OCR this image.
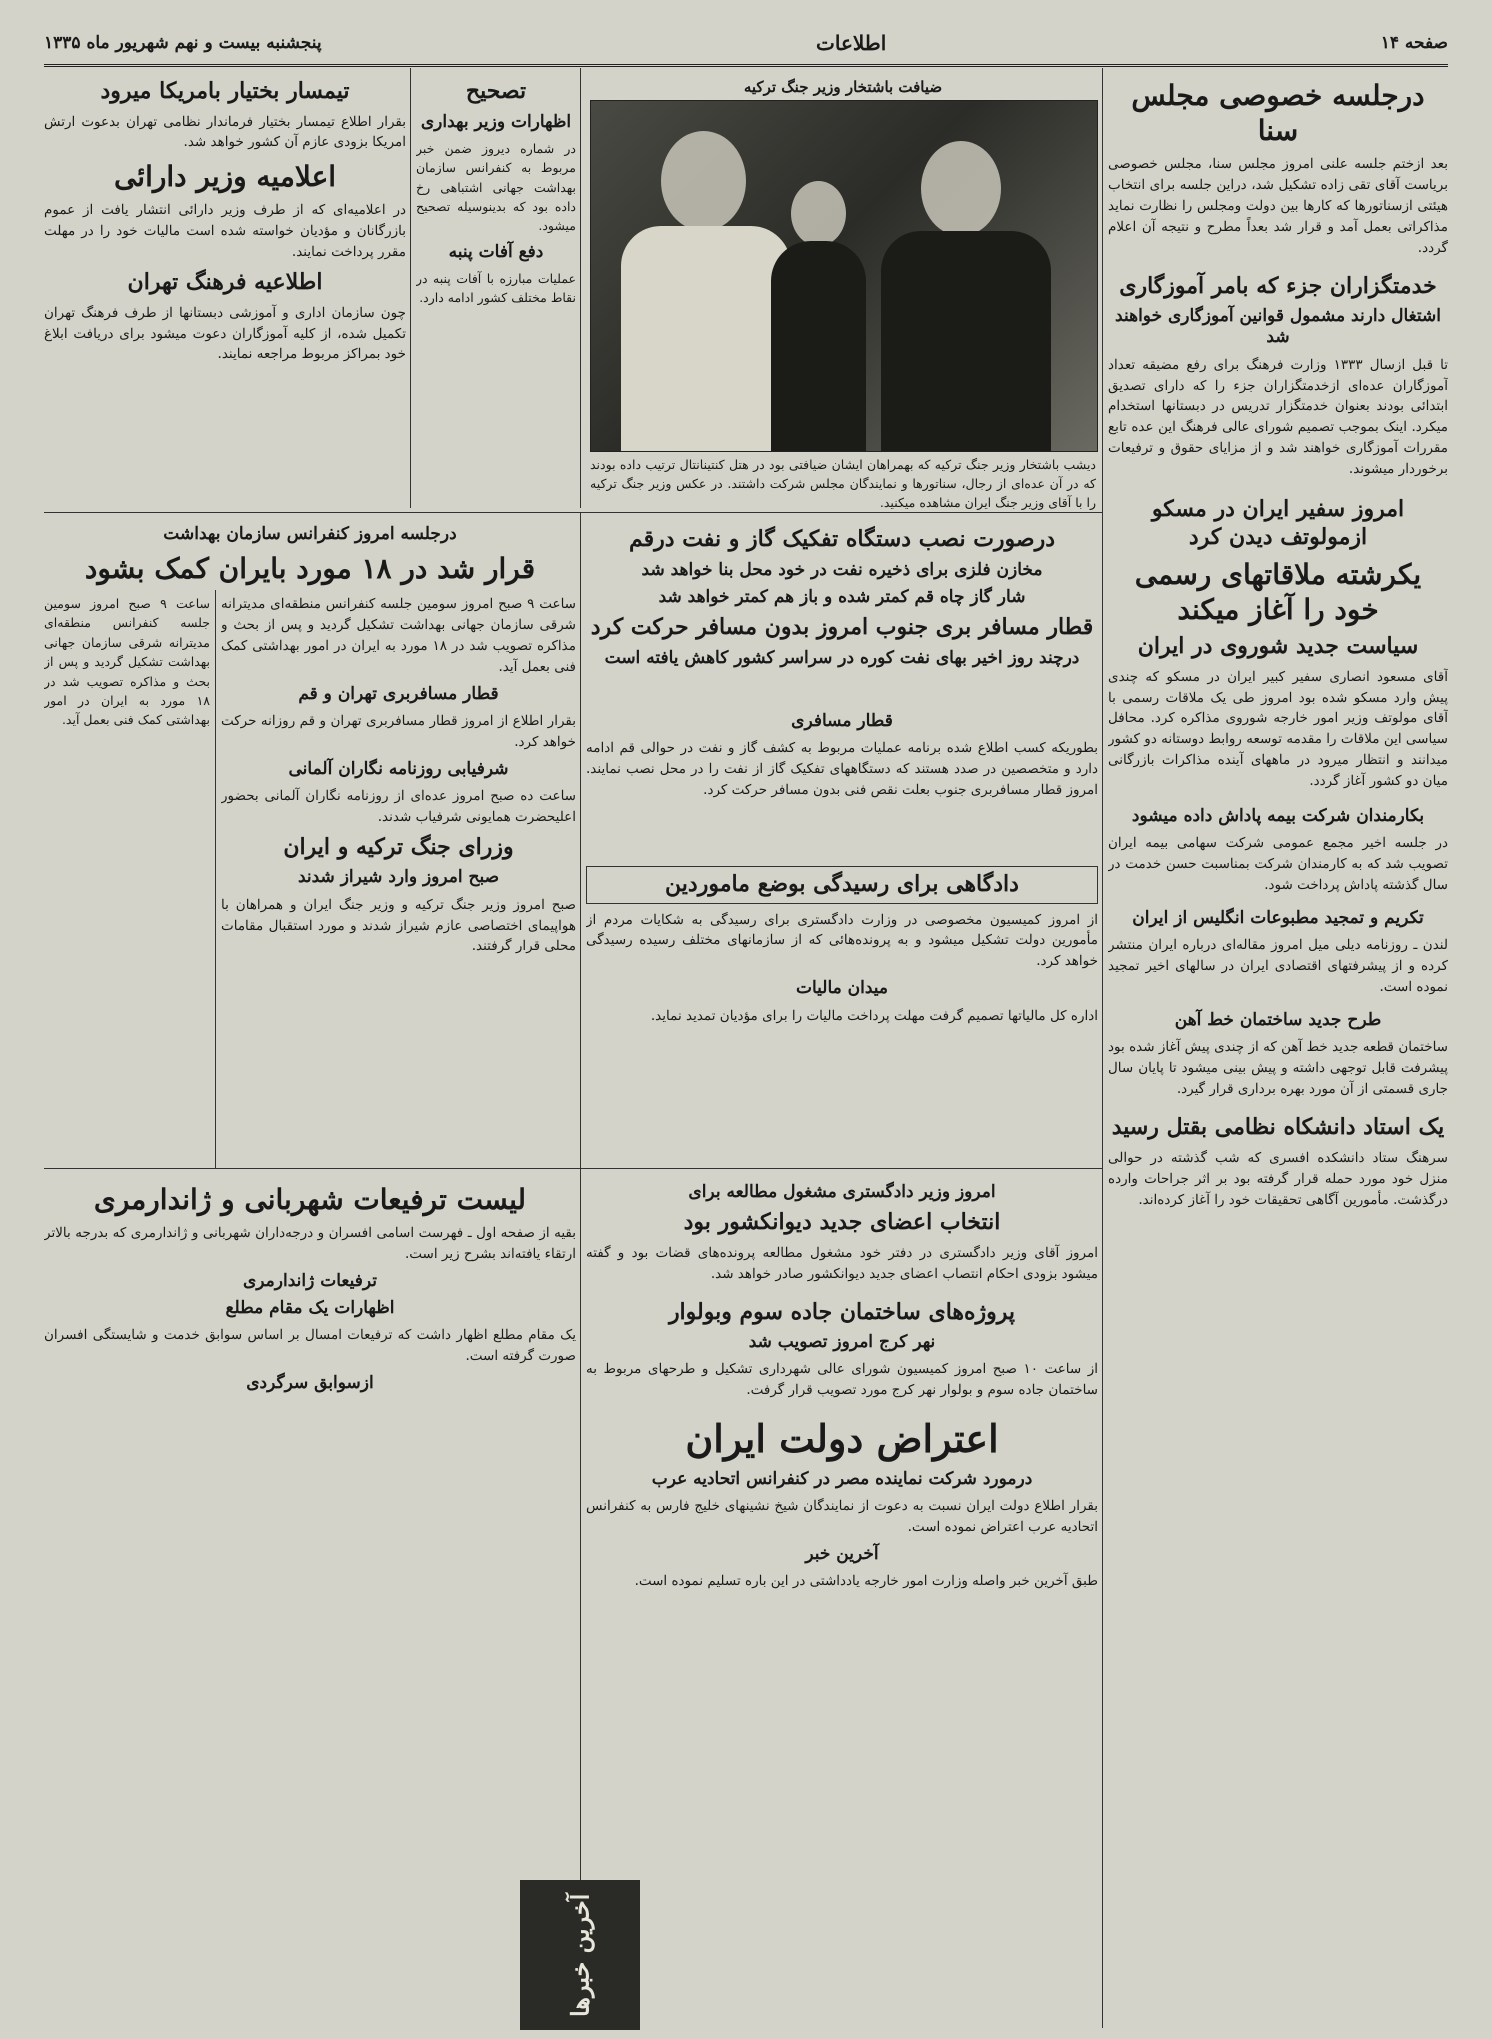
صفحه ۱۴
اطلاعات
پنجشنبه بیست و نهم شهریور ماه ۱۳۳۵
درجلسه خصوصی مجلس سنا

بعد ازختم جلسه علنی امروز مجلس سنا، مجلس خصوصی بریاست آقای تقی زاده تشکیل شد، دراین جلسه برای انتخاب هیئتی ازسناتورها که کارها بین دولت ومجلس را نظارت نماید مذاکراتی بعمل آمد و قرار شد بعداً مطرح و نتیجه آن اعلام گردد.

خدمتگزاران جزء که بامر آموزگاری
اشتغال دارند مشمول قوانین آموزگاری خواهند شد

تا قبل ازسال ۱۳۳۳ وزارت فرهنگ برای رفع مضیقه تعداد آموزگاران عده‌ای ازخدمتگزاران جزء را که دارای تصدیق ابتدائی بودند بعنوان خدمتگزار تدریس در دبستانها استخدام میکرد. اینک بموجب تصمیم شورای عالی فرهنگ این عده تابع مقررات آموزگاری خواهند شد و از مزایای حقوق و ترفیعات برخوردار میشوند.

امروز سفیر ایران در مسکو ازمولوتف دیدن کرد
یکرشته ملاقاتهای رسمی خود را آغاز میکند
سیاست جدید شوروی در ایران

آقای مسعود انصاری سفیر کبیر ایران در مسکو که چندی پیش وارد مسکو شده بود امروز طی یک ملاقات رسمی با آقای مولوتف وزیر امور خارجه شوروی مذاکره کرد. محافل سیاسی این ملاقات را مقدمه توسعه روابط دوستانه دو کشور میدانند و انتظار میرود در ماههای آینده مذاکرات بازرگانی میان دو کشور آغاز گردد.

بکارمندان شرکت بیمه پاداش داده میشود

در جلسه اخیر مجمع عمومی شرکت سهامی بیمه ایران تصویب شد که به کارمندان شرکت بمناسبت حسن خدمت در سال گذشته پاداش پرداخت شود.

تکریم و تمجید مطبوعات انگلیس از ایران

لندن ـ روزنامه دیلی میل امروز مقاله‌ای درباره ایران منتشر کرده و از پیشرفتهای اقتصادی ایران در سالهای اخیر تمجید نموده است.

طرح جدید ساختمان خط آهن

ساختمان قطعه جدید خط آهن که از چندی پیش آغاز شده بود پیشرفت قابل توجهی داشته و پیش بینی میشود تا پایان سال جاری قسمتی از آن مورد بهره برداری قرار گیرد.

یک استاد دانشکاه نظامی بقتل رسید

سرهنگ ستاد دانشکده افسری که شب گذشته در حوالی منزل خود مورد حمله قرار گرفته بود بر اثر جراحات وارده درگذشت. مأمورین آگاهی تحقیقات خود را آغاز کرده‌اند.

ضیافت باشتخار وزیر جنگ ترکیه
دیشب باشتخار وزیر جنگ ترکیه که بهمراهان ایشان ضیافتی بود در هتل کنتینانتال ترتیب داده بودند که در آن عده‌ای از رجال، سناتورها و نمایندگان مجلس شرکت داشتند. در عکس وزیر جنگ ترکیه را با آقای وزیر جنگ ایران مشاهده میکنید.
درصورت نصب دستگاه تفکیک گاز و نفت درقم
مخازن فلزی برای ذخیره نفت در خود محل بنا خواهد شد
شار گاز چاه قم کمتر شده و باز هم کمتر خواهد شد
قطار مسافر بری جنوب امروز بدون مسافر حرکت کرد
درچند روز اخیر بهای نفت کوره در سراسر کشور کاهش یافته است
قطار مسافری

بطوریکه کسب اطلاع شده برنامه عملیات مربوط به کشف گاز و نفت در حوالی قم ادامه دارد و متخصصین در صدد هستند که دستگاههای تفکیک گاز از نفت را در محل نصب نمایند. امروز قطار مسافربری جنوب بعلت نقص فنی بدون مسافر حرکت کرد.

دادگاهی برای رسیدگی بوضع ماموردین

از امروز کمیسیون مخصوصی در وزارت دادگستری برای رسیدگی به شکایات مردم از مأمورین دولت تشکیل میشود و به پرونده‌هائی که از سازمانهای مختلف رسیده رسیدگی خواهد کرد.

میدان مالیات

اداره کل مالیاتها تصمیم گرفت مهلت پرداخت مالیات را برای مؤدیان تمدید نماید.

امروز وزیر دادگستری مشغول مطالعه برای
انتخاب اعضای جدید دیوانکشور بود

امروز آقای وزیر دادگستری در دفتر خود مشغول مطالعه پرونده‌های قضات بود و گفته میشود بزودی احکام انتصاب اعضای جدید دیوانکشور صادر خواهد شد.

پروژه‌های ساختمان جاده سوم وبولوار
نهر کرج امروز تصویب شد

از ساعت ۱۰ صبح امروز کمیسیون شورای عالی شهرداری تشکیل و طرحهای مربوط به ساختمان جاده سوم و بولوار نهر کرج مورد تصویب قرار گرفت.

اعتراض دولت ایران
درمورد شرکت نماینده مصر در کنفرانس اتحادیه عرب

بقرار اطلاع دولت ایران نسبت به دعوت از نمایندگان شیخ نشینهای خلیج فارس به کنفرانس اتحادیه عرب اعتراض نموده است.

آخرین خبر

طبق آخرین خبر واصله وزارت امور خارجه یادداشتی در این باره تسلیم نموده است.

تصحیح
اظهارات وزیر بهداری

در شماره دیروز ضمن خبر مربوط به کنفرانس سازمان بهداشت جهانی اشتباهی رخ داده بود که بدینوسیله تصحیح میشود.

دفع آفات پنبه

عملیات مبارزه با آفات پنبه در نقاط مختلف کشور ادامه دارد.

تیمسار بختیار بامریکا میرود

بقرار اطلاع تیمسار بختیار فرماندار نظامی تهران بدعوت ارتش امریکا بزودی عازم آن کشور خواهد شد.

اعلامیه وزیر دارائی

در اعلامیه‌ای که از طرف وزیر دارائی انتشار یافت از عموم بازرگانان و مؤدیان خواسته شده است مالیات خود را در مهلت مقرر پرداخت نمایند.

اطلاعیه فرهنگ تهران

چون سازمان اداری و آموزشی دبستانها از طرف فرهنگ تهران تکمیل شده، از کلیه آموزگاران دعوت میشود برای دریافت ابلاغ خود بمراکز مربوط مراجعه نمایند.

درجلسه امروز کنفرانس سازمان بهداشت
قرار شد در ۱۸ مورد بایران کمک بشود

ساعت ۹ صبح امروز سومین جلسه کنفرانس منطقه‌ای مدیترانه شرقی سازمان جهانی بهداشت تشکیل گردید و پس از بحث و مذاکره تصویب شد در ۱۸ مورد به ایران در امور بهداشتی کمک فنی بعمل آید.

قطار مسافربری تهران و قم

بقرار اطلاع از امروز قطار مسافربری تهران و قم روزانه حرکت خواهد کرد.

شرفیابی روزنامه نگاران آلمانی

ساعت ده صبح امروز عده‌ای از روزنامه نگاران آلمانی بحضور اعلیحضرت همایونی شرفیاب شدند.

وزرای جنگ ترکیه و ایران
صبح امروز وارد شیراز شدند

صبح امروز وزیر جنگ ترکیه و وزیر جنگ ایران و همراهان با هواپیمای اختصاصی عازم شیراز شدند و مورد استقبال مقامات محلی قرار گرفتند.

ساعت ۹ صبح امروز سومین جلسه کنفرانس منطقه‌ای مدیترانه شرقی سازمان جهانی بهداشت تشکیل گردید و پس از بحث و مذاکره تصویب شد در ۱۸ مورد به ایران در امور بهداشتی کمک فنی بعمل آید.

لیست ترفیعات شهربانی و ژاندارمری

بقیه از صفحه اول ـ فهرست اسامی افسران و درجه‌داران شهربانی و ژاندارمری که بدرجه بالاتر ارتقاء یافته‌اند بشرح زیر است.

ترفیعات ژاندارمری
اظهارات یک مقام مطلع

یک مقام مطلع اظهار داشت که ترفیعات امسال بر اساس سوابق خدمت و شایستگی افسران صورت گرفته است.

ازسوابق سرگردی
آخرین خبرها
